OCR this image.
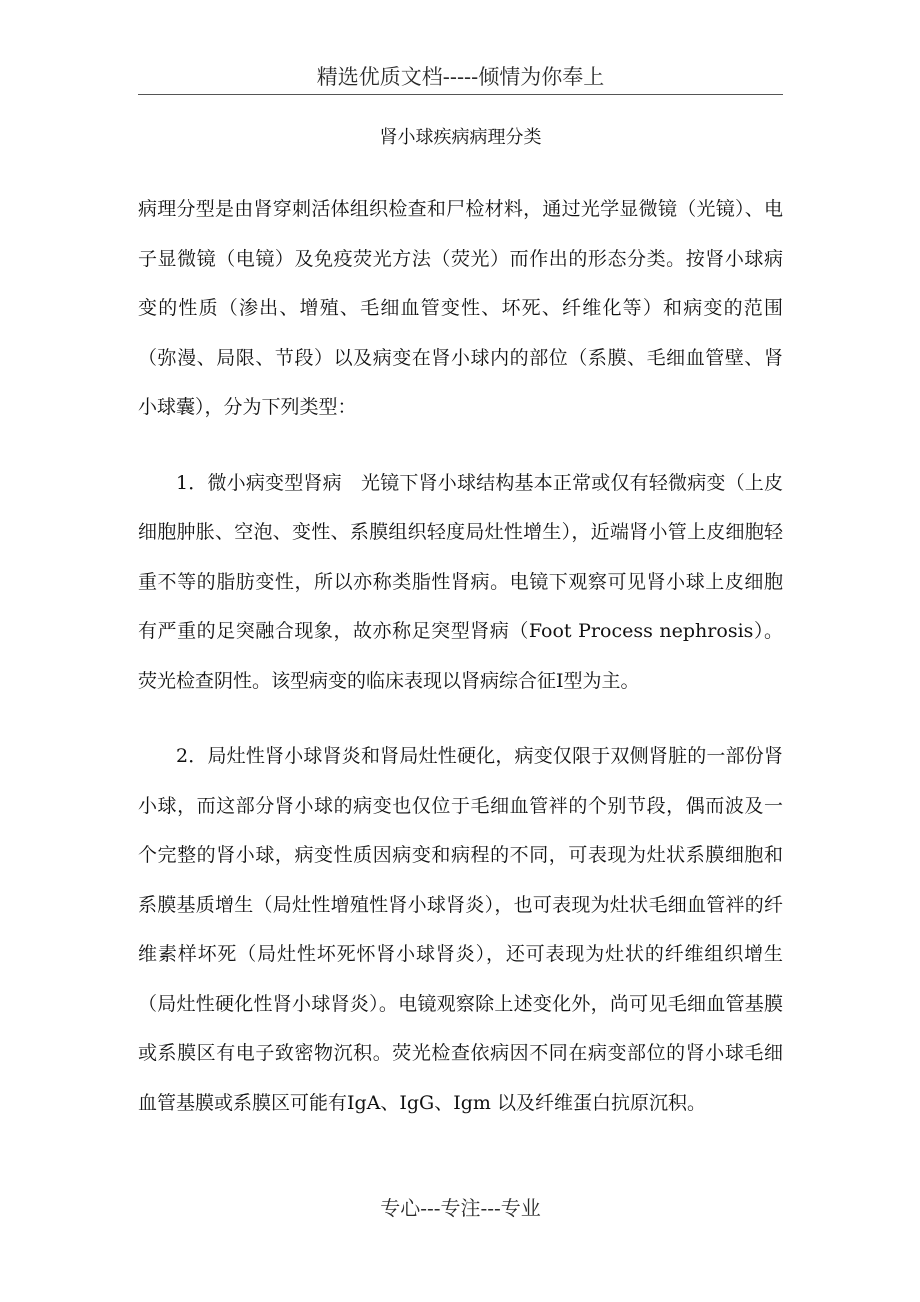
精选优质文档-----倾情为你奉上
肾小球疾病病理分类

病理分型是由肾穿刺活体组织检查和尸检材料，通过光学显微镜（光镜）、电子显微镜（电镜）及免疫荧光方法（荧光）而作出的形态分类。按肾小球病变的性质（渗出、增殖、毛细血管变性、坏死、纤维化等）和病变的范围（弥漫、局限、节段）以及病变在肾小球内的部位（系膜、毛细血管壁、肾小球囊），分为下列类型：

1．微小病变型肾病　光镜下肾小球结构基本正常或仅有轻微病变（上皮细胞肿胀、空泡、变性、系膜组织轻度局灶性增生），近端肾小管上皮细胞轻重不等的脂肪变性，所以亦称类脂性肾病。电镜下观察可见肾小球上皮细胞有严重的足突融合现象，故亦称足突型肾病（Foot Process nephrosis）。荧光检查阴性。该型病变的临床表现以肾病综合征Ⅰ型为主。

2．局灶性肾小球肾炎和肾局灶性硬化，病变仅限于双侧肾脏的一部份肾小球，而这部分肾小球的病变也仅位于毛细血管袢的个别节段，偶而波及一个完整的肾小球，病变性质因病变和病程的不同，可表现为灶状系膜细胞和系膜基质增生（局灶性增殖性肾小球肾炎），也可表现为灶状毛细血管袢的纤维素样坏死（局灶性坏死怀肾小球肾炎），还可表现为灶状的纤维组织增生（局灶性硬化性肾小球肾炎）。电镜观察除上述变化外，尚可见毛细血管基膜或系膜区有电子致密物沉积。荧光检查依病因不同在病变部位的肾小球毛细血管基膜或系膜区可能有IgA、IgG、Igm 以及纤维蛋白抗原沉积。

专心---专注---专业
